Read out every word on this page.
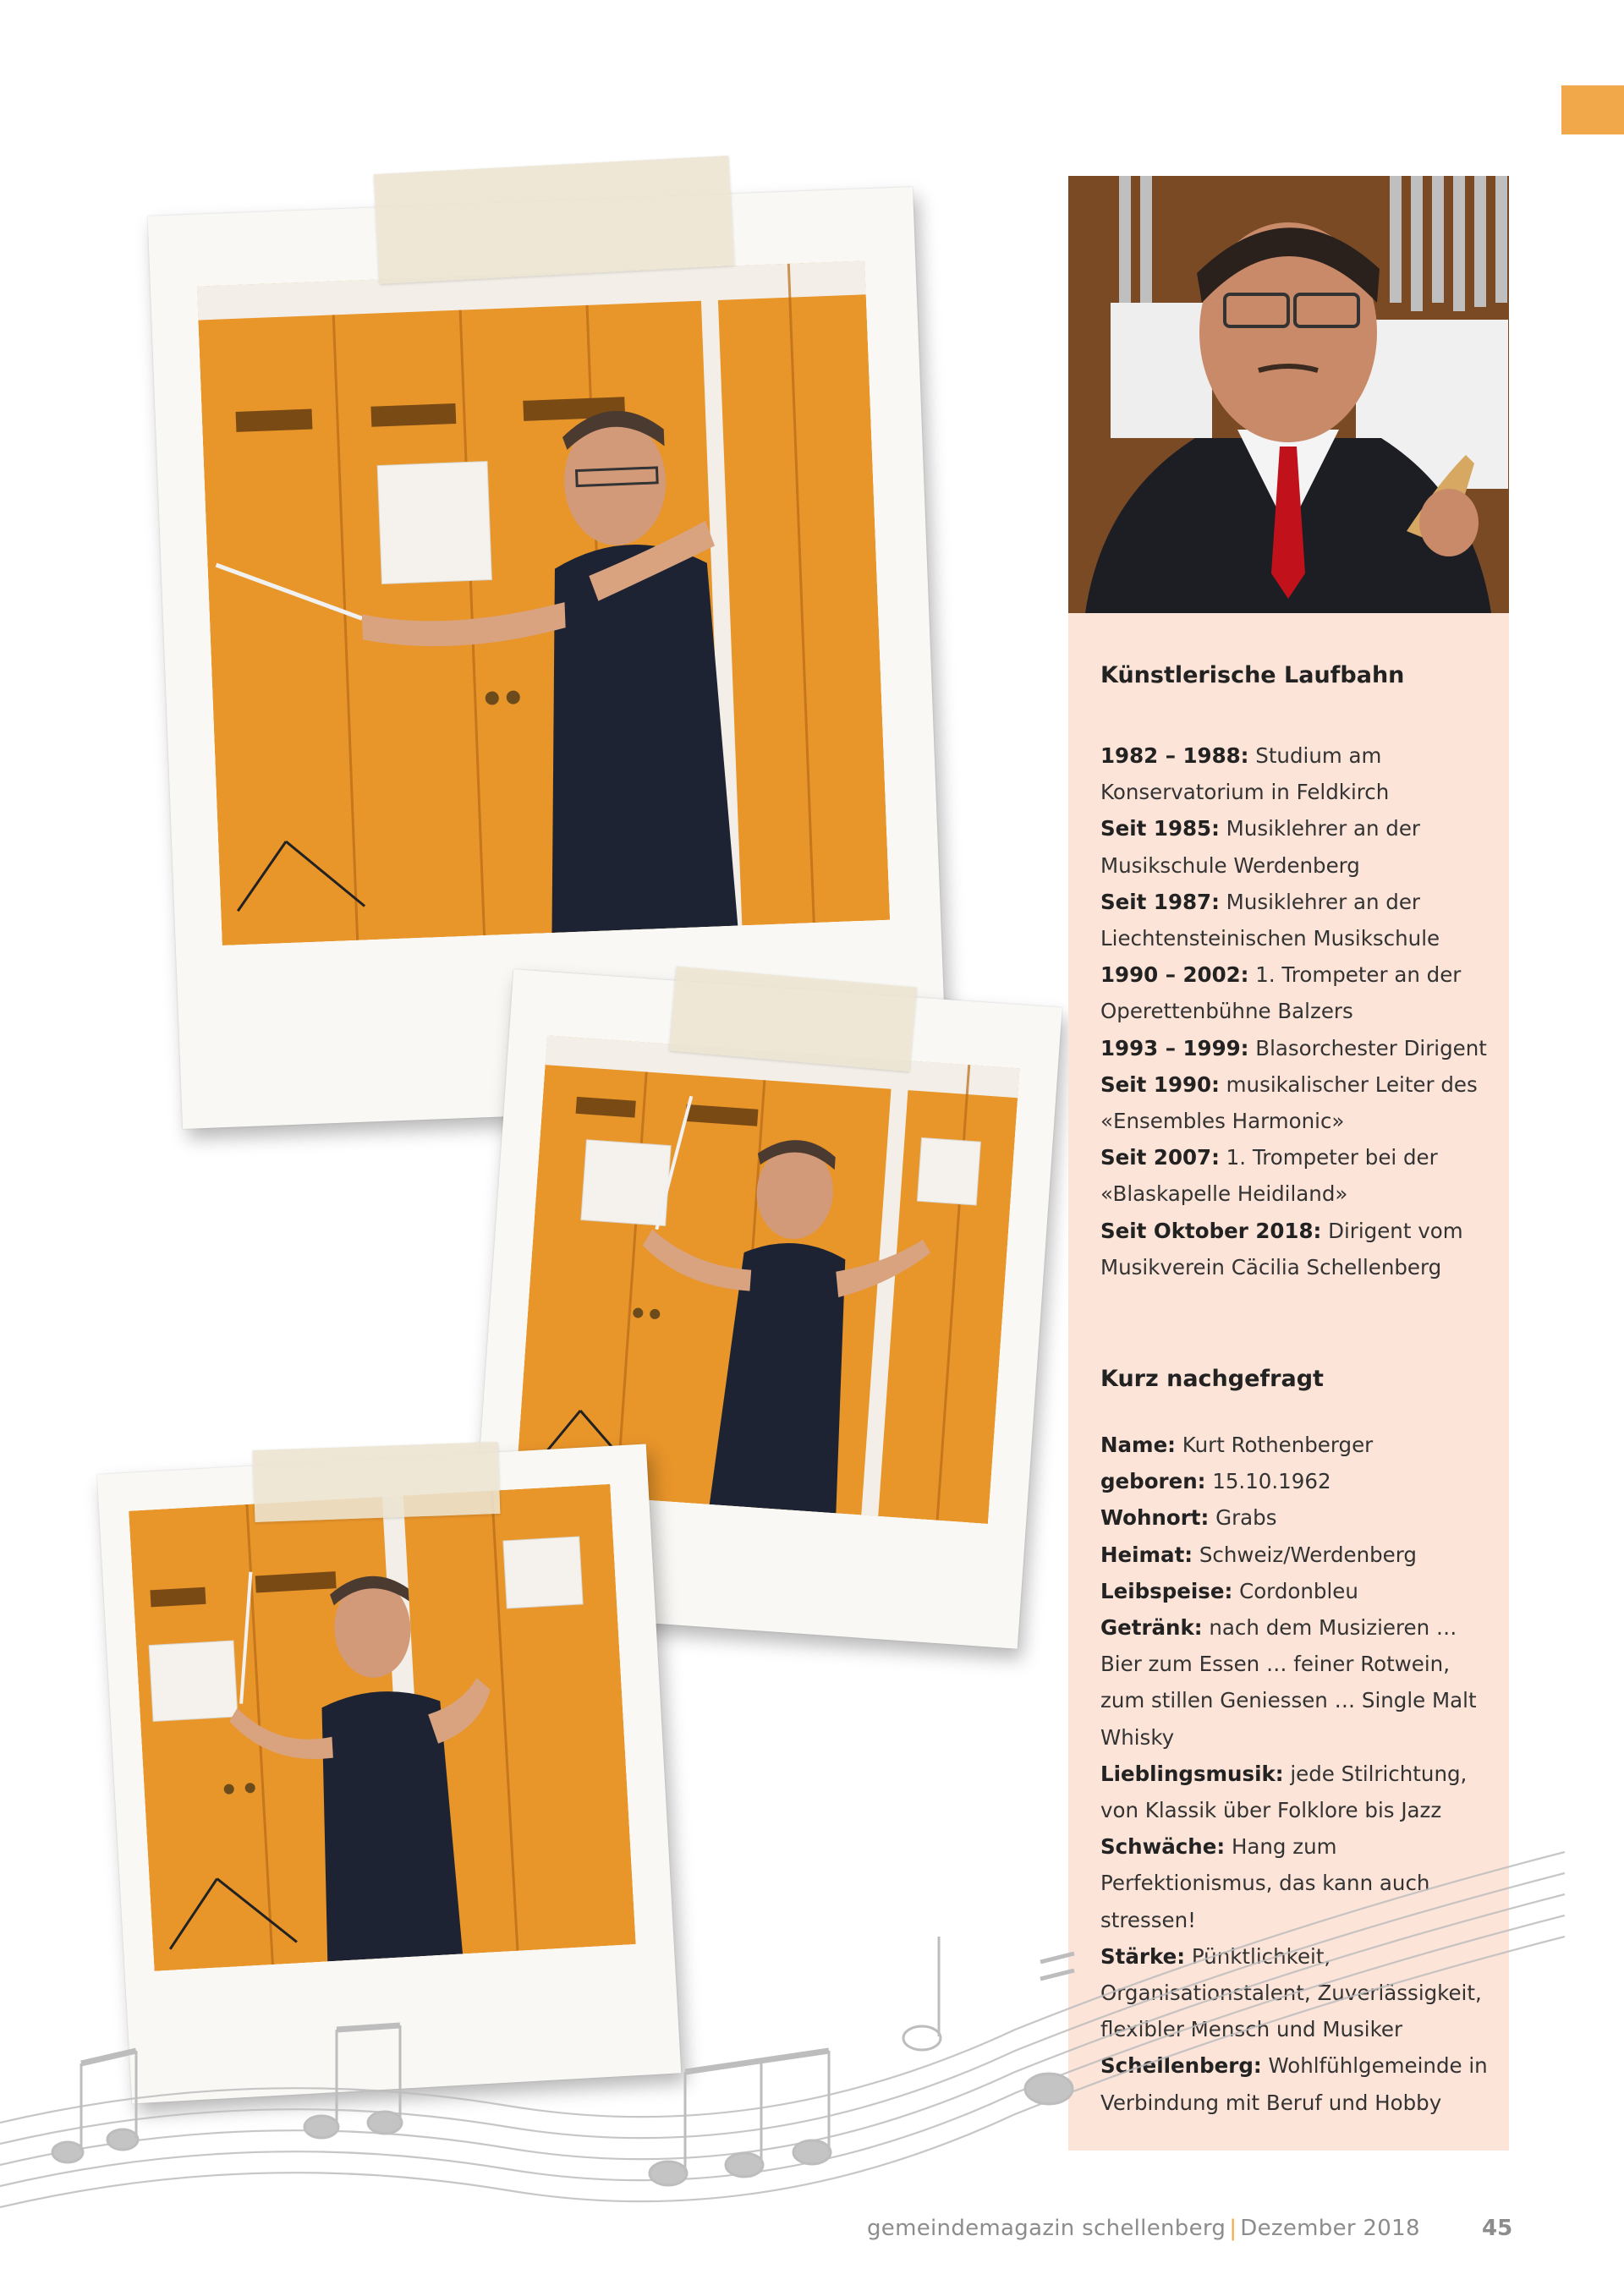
Künstlerische Laufbahn
1982 – 1988: Studium am Konservatorium in Feldkirch
Seit 1985: Musiklehrer an der Musikschule Werdenberg
Seit 1987: Musiklehrer an der Liechtensteinischen Musikschule
1990 – 2002: 1. Trompeter an der Operettenbühne Balzers
1993 – 1999: Blasorchester Dirigent
Seit 1990: musikalischer Leiter des «Ensembles Harmonic»
Seit 2007: 1. Trompeter bei der «Blaskapelle Heidiland»
Seit Oktober 2018: Dirigent vom Musikverein Cäcilia Schellenberg
Kurz nachgefragt
Name: Kurt Rothenberger
geboren: 15.10.1962
Wohnort: Grabs
Heimat: Schweiz/Werdenberg
Leibspeise: Cordonbleu
Getränk: nach dem Musizieren … Bier zum Essen … feiner Rotwein, zum stillen Geniessen … Single Malt Whisky
Lieblingsmusik: jede Stilrichtung, von Klassik über Folklore bis Jazz
Schwäche: Hang zum Perfektionismus, das kann auch stressen!
Stärke: Pünktlichkeit, Organisationstalent, Zuverlässigkeit, flexibler Mensch und Musiker
Schellenberg: Wohlfühlgemeinde in Verbindung mit Beruf und Hobby
gemeindemagazin schellenberg | Dezember 2018	45
